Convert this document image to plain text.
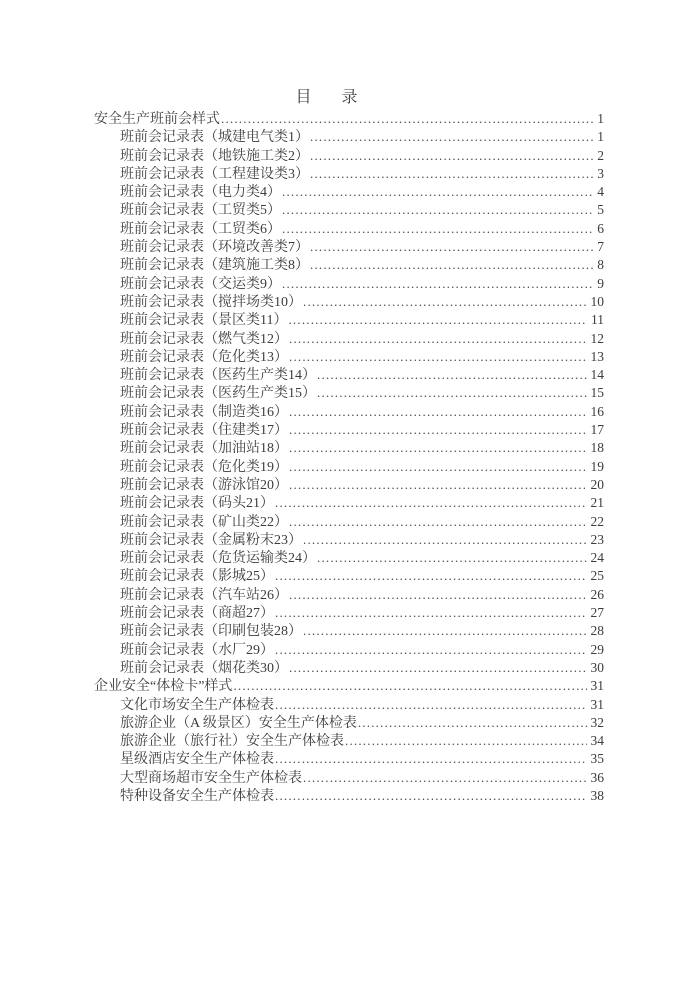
目 录
安全生产班前会样式 .....	1
班前会记录表（城建电气类1） .....	1
班前会记录表（地铁施工类2） .....	2
班前会记录表（工程建设类3） .....	3
班前会记录表（电力类4） .....	4
班前会记录表（工贸类5） .....	5
班前会记录表（工贸类6） .....	6
班前会记录表（环境改善类7） .....	7
班前会记录表（建筑施工类8） .....	8
班前会记录表（交运类9） .....	9
班前会记录表（搅拌场类10） .....	10
班前会记录表（景区类11） .....	11
班前会记录表（燃气类12） .....	12
班前会记录表（危化类13） .....	13
班前会记录表（医药生产类14） .....	14
班前会记录表（医药生产类15） .....	15
班前会记录表（制造类16） .....	16
班前会记录表（住建类17） .....	17
班前会记录表（加油站18） .....	18
班前会记录表（危化类19） .....	19
班前会记录表（游泳馆20） .....	20
班前会记录表（码头21） .....	21
班前会记录表（矿山类22） .....	22
班前会记录表（金属粉末23） .....	23
班前会记录表（危货运输类24） .....	24
班前会记录表（影城25） .....	25
班前会记录表（汽车站26） .....	26
班前会记录表（商超27） .....	27
班前会记录表（印刷包装28） .....	28
班前会记录表（水厂29） .....	29
班前会记录表（烟花类30） .....	30
企业安全“体检卡”样式 .....	31
文化市场安全生产体检表 .....	31
旅游企业（A 级景区）安全生产体检表 .....	32
旅游企业（旅行社）安全生产体检表 .....	34
星级酒店安全生产体检表 .....	35
大型商场超市安全生产体检表 .....	36
特种设备安全生产体检表 .....	38
